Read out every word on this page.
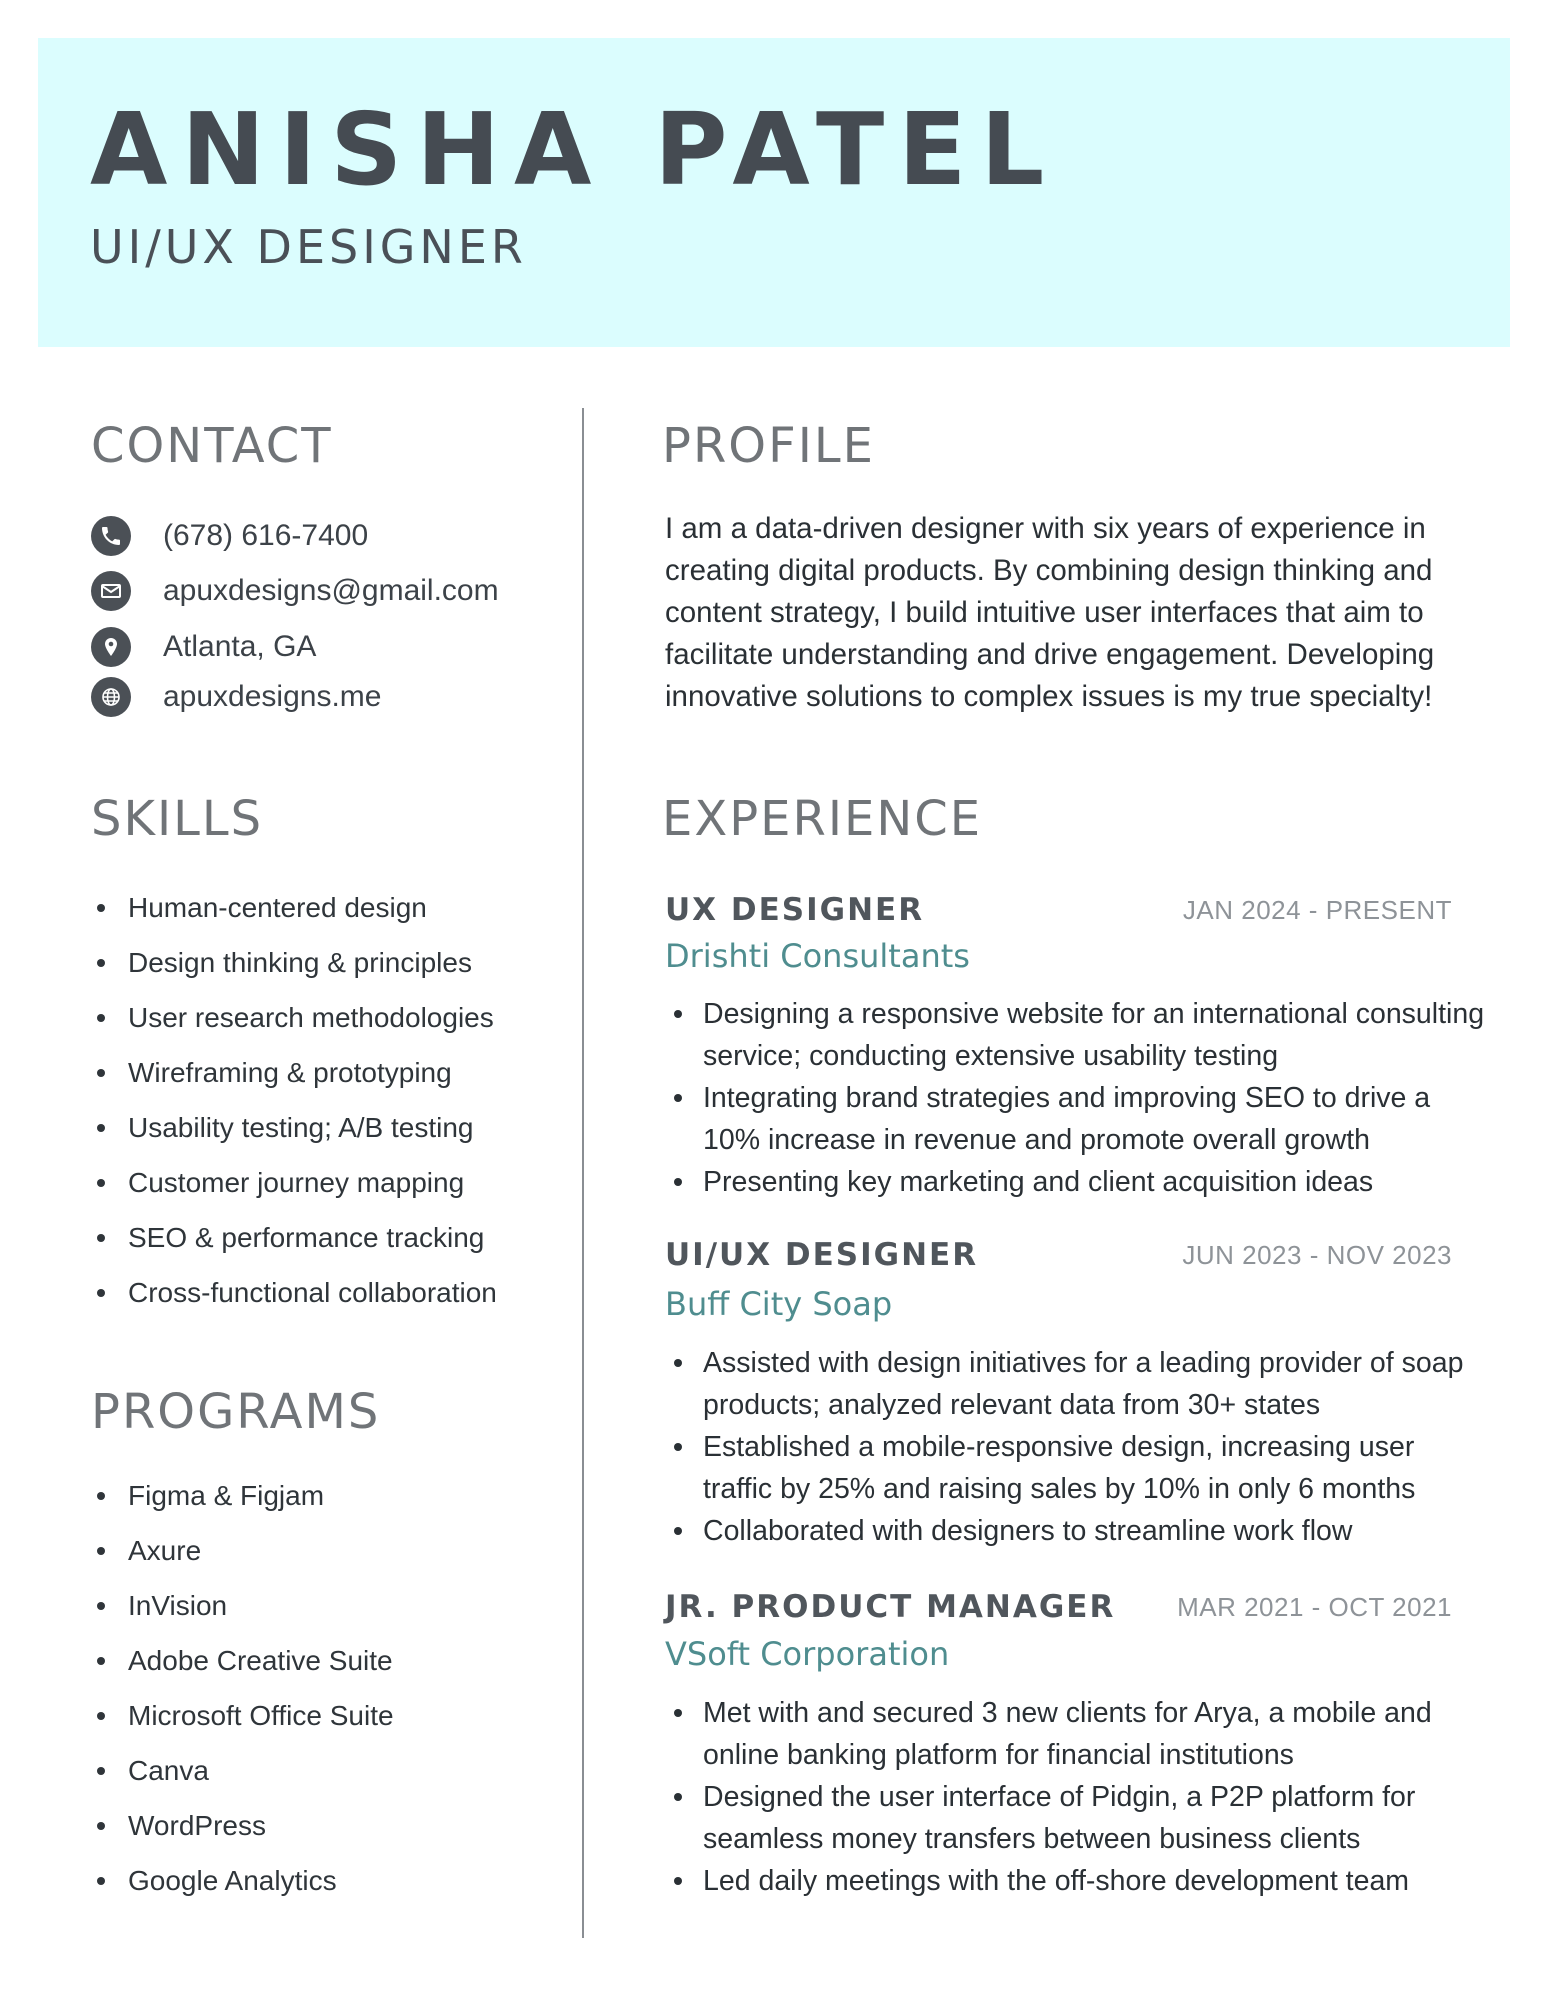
ANISHA PATEL
UI/UX DESIGNER
CONTACT
(678) 616-7400
apuxdesigns@gmail.com
Atlanta, GA
apuxdesigns.me
SKILLS
Human-centered design
Design thinking & principles
User research methodologies
Wireframing & prototyping
Usability testing; A/B testing
Customer journey mapping
SEO & performance tracking
Cross-functional collaboration
PROGRAMS
Figma & Figjam
Axure
InVision
Adobe Creative Suite
Microsoft Office Suite
Canva
WordPress
Google Analytics
PROFILE

I am a data-driven designer with six years of experience in creating digital products. By combining design thinking and content strategy, I build intuitive user interfaces that aim to facilitate understanding and drive engagement. Developing innovative solutions to complex issues is my true specialty!

EXPERIENCE
UX DESIGNER	JAN 2024 - PRESENT
Drishti Consultants
Designing a responsive website for an international consulting service; conducting extensive usability testing
Integrating brand strategies and improving SEO to drive a 10% increase in revenue and promote overall growth
Presenting key marketing and client acquisition ideas
UI/UX DESIGNER	JUN 2023 - NOV 2023
Buff City Soap
Assisted with design initiatives for a leading provider of soap products; analyzed relevant data from 30+ states
Established a mobile-responsive design, increasing user traffic by 25% and raising sales by 10% in only 6 months
Collaborated with designers to streamline work flow
JR. PRODUCT MANAGER MAR 2021 - OCT 2021
VSoft Corporation
Met with and secured 3 new clients for Arya, a mobile and online banking platform for financial institutions
Designed the user interface of Pidgin, a P2P platform for seamless money transfers between business clients
Led daily meetings with the off-shore development team
